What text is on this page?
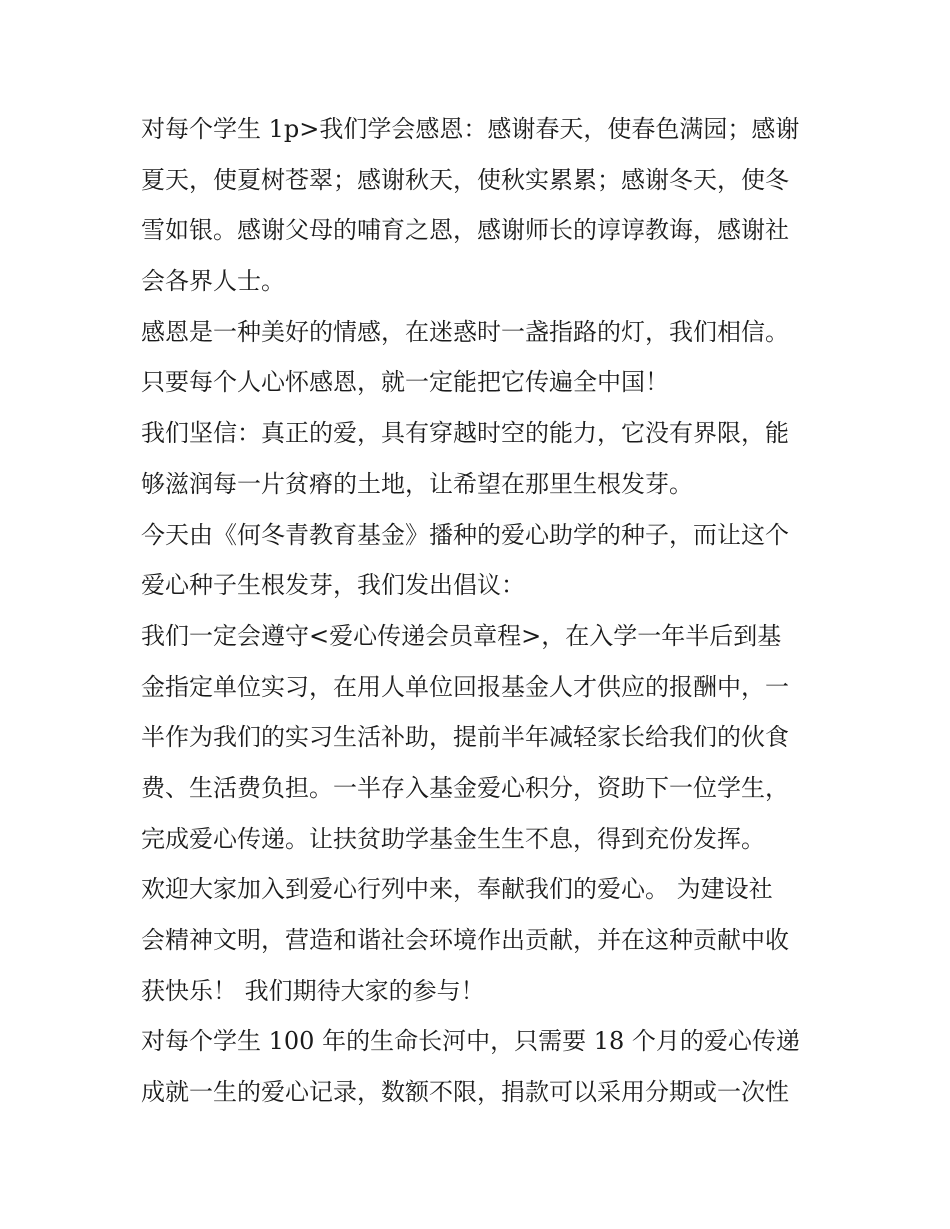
对每个学生 1p>我们学会感恩：感谢春天，使春色满园；感谢
夏天，使夏树苍翠；感谢秋天，使秋实累累；感谢冬天，使冬
雪如银。感谢父母的哺育之恩，感谢师长的谆谆教诲，感谢社
会各界人士。
感恩是一种美好的情感，在迷惑时一盏指路的灯，我们相信。
只要每个人心怀感恩，就一定能把它传遍全中国！
我们坚信：真正的爱，具有穿越时空的能力，它没有界限，能
够滋润每一片贫瘠的土地，让希望在那里生根发芽。
今天由《何冬青教育基金》播种的爱心助学的种子，而让这个
爱心种子生根发芽，我们发出倡议：
我们一定会遵守<爱心传递会员章程>，在入学一年半后到基
金指定单位实习，在用人单位回报基金人才供应的报酬中，一
半作为我们的实习生活补助，提前半年减轻家长给我们的伙食
费、生活费负担。一半存入基金爱心积分，资助下一位学生，
完成爱心传递。让扶贫助学基金生生不息，得到充份发挥。
欢迎大家加入到爱心行列中来，奉献我们的爱心。 为建设社
会精神文明，营造和谐社会环境作出贡献，并在这种贡献中收
获快乐！ 我们期待大家的参与！
对每个学生 100 年的生命长河中，只需要 18 个月的爱心传递
成就一生的爱心记录，数额不限，捐款可以采用分期或一次性
